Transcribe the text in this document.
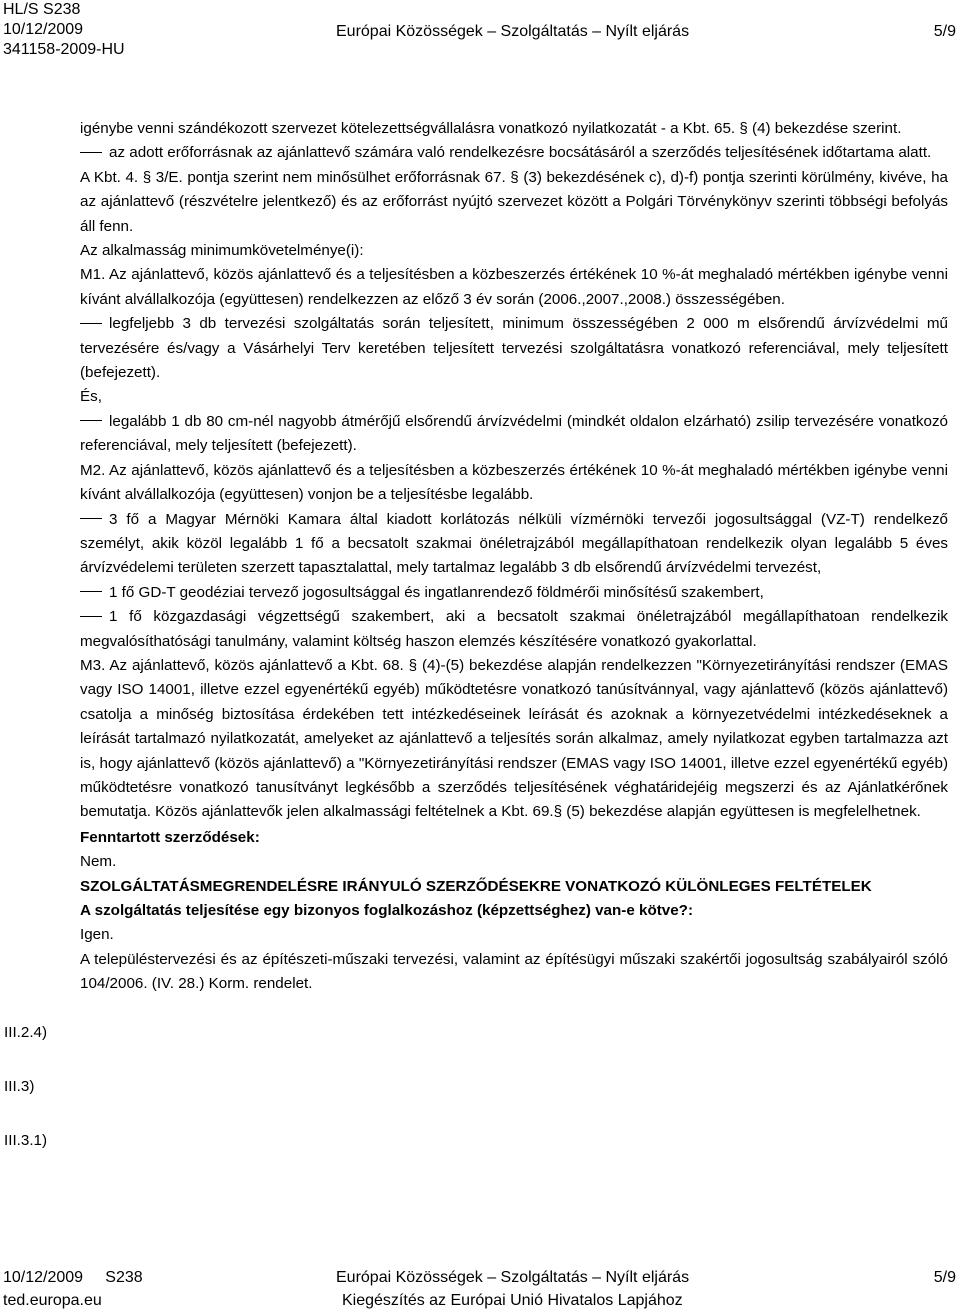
HL/S S238
10/12/2009
341158-2009-HU
Európai Közösségek – Szolgáltatás – Nyílt eljárás	5/9

igénybe venni szándékozott szervezet kötelezettségvállalásra vonatkozó nyilatkozatát - a Kbt. 65. § (4) bekezdése szerint.

az adott erőforrásnak az ajánlattevő számára való rendelkezésre bocsátásáról a szerződés teljesítésének időtartama alatt.

A Kbt. 4. § 3/E. pontja szerint nem minősülhet erőforrásnak 67. § (3) bekezdésének c), d)-f) pontja szerinti körülmény, kivéve, ha az ajánlattevő (részvételre jelentkező) és az erőforrást nyújtó szervezet között a Polgári Törvénykönyv szerinti többségi befolyás áll fenn.

Az alkalmasság minimumkövetelménye(i):

M1. Az ajánlattevő, közös ajánlattevő és a teljesítésben a közbeszerzés értékének 10 %-át meghaladó mértékben igénybe venni kívánt alvállalkozója (együttesen) rendelkezzen az előző 3 év során (2006.,2007.,2008.) összességében.

legfeljebb 3 db tervezési szolgáltatás során teljesített, minimum összességében 2 000 m elsőrendű árvízvédelmi mű tervezésére és/vagy a Vásárhelyi Terv keretében teljesített tervezési szolgáltatásra vonatkozó referenciával, mely teljesített (befejezett).

És,

legalább 1 db 80 cm-nél nagyobb átmérőjű elsőrendű árvízvédelmi (mindkét oldalon elzárható) zsilip tervezésére vonatkozó referenciával, mely teljesített (befejezett).

M2. Az ajánlattevő, közös ajánlattevő és a teljesítésben a közbeszerzés értékének 10 %-át meghaladó mértékben igénybe venni kívánt alvállalkozója (együttesen) vonjon be a teljesítésbe legalább.

3 fő a Magyar Mérnöki Kamara által kiadott korlátozás nélküli vízmérnöki tervezői jogosultsággal (VZ-T) rendelkező személyt, akik közöl legalább 1 fő a becsatolt szakmai önéletrajzából megállapíthatoan rendelkezik olyan legalább 5 éves árvízvédelemi területen szerzett tapasztalattal, mely tartalmaz legalább 3 db elsőrendű árvízvédelmi tervezést,

1 fő GD-T geodéziai tervező jogosultsággal és ingatlanrendező földmérői minősítésű szakembert,

1 fő közgazdasági végzettségű szakembert, aki a becsatolt szakmai önéletrajzából megállapíthatoan rendelkezik megvalósíthatósági tanulmány, valamint költség haszon elemzés készítésére vonatkozó gyakorlattal.

M3. Az ajánlattevő, közös ajánlattevő a Kbt. 68. § (4)-(5) bekezdése alapján rendelkezzen "Környezetirányítási rendszer (EMAS vagy ISO 14001, illetve ezzel egyenértékű egyéb) működtetésre vonatkozó tanúsítvánnyal, vagy ajánlattevő (közös ajánlattevő) csatolja a minőség biztosítása érdekében tett intézkedéseinek leírását és azoknak a környezetvédelmi intézkedéseknek a leírását tartalmazó nyilatkozatát, amelyeket az ajánlattevő a teljesítés során alkalmaz, amely nyilatkozat egyben tartalmazza azt is, hogy ajánlattevő (közös ajánlattevő) a "Környezetirányítási rendszer (EMAS vagy ISO 14001, illetve ezzel egyenértékű egyéb) működtetésre vonatkozó tanusítványt legkésőbb a szerződés teljesítésének véghatáridejéig megszerzi és az Ajánlatkérőnek bemutatja. Közös ajánlattevők jelen alkalmassági feltételnek a Kbt. 69.§ (5) bekezdése alapján együttesen is megfelelhetnek.

Fenntartott szerződések:

Nem.

SZOLGÁLTATÁSMEGRENDELÉSRE IRÁNYULÓ SZERZŐDÉSEKRE VONATKOZÓ KÜLÖNLEGES FELTÉTELEK

A szolgáltatás teljesítése egy bizonyos foglalkozáshoz (képzettséghez) van-e kötve?:

Igen.

A településtervezési és az építészeti-műszaki tervezési, valamint az építésügyi műszaki szakértői jogosultság szabályairól szóló 104/2006. (IV. 28.) Korm. rendelet.

III.2.4)
III.3)
III.3.1)
10/12/2009     S238
ted.europa.eu
Európai Közösségek – Szolgáltatás – Nyílt eljárás
Kiegészítés az Európai Unió Hivatalos Lapjához
5/9
